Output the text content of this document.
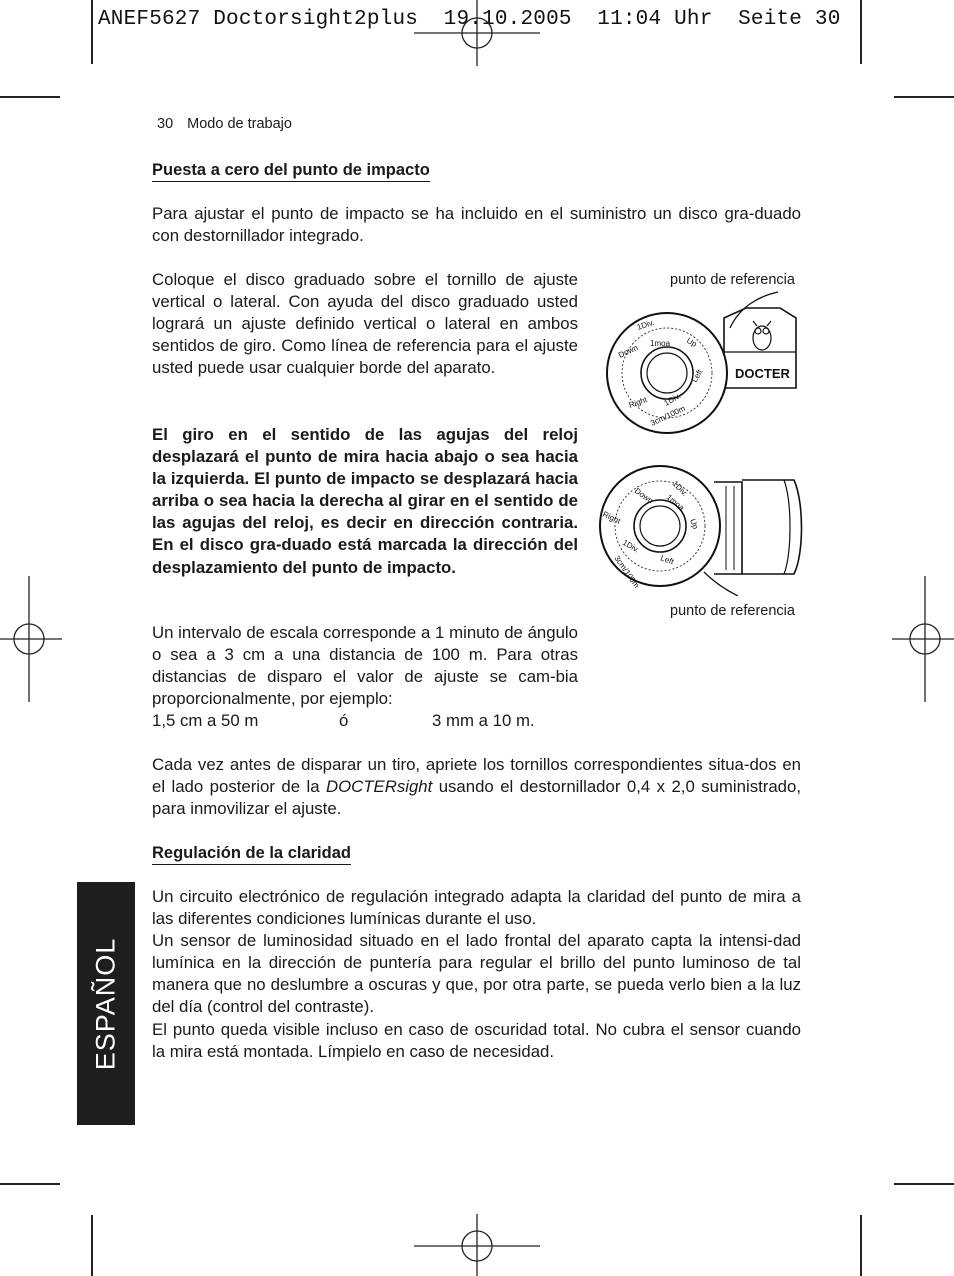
ANEF5627 Doctorsight2plus  19.10.2005  11:04 Uhr  Seite 30
30 Modo de trabajo
Puesta a cero del punto de impacto

Para ajustar el punto de impacto se ha incluido en el suministro un disco gra-duado con destornillador integrado.

Coloque el disco graduado sobre el tornillo de ajuste vertical o lateral. Con ayuda del disco graduado usted logrará un ajuste definido vertical o lateral en ambos sentidos de giro. Como línea de referencia para el ajuste usted puede usar cualquier borde del aparato.

El giro en el sentido de las agujas del reloj desplazará el punto de mira hacia abajo o sea hacia la izquierda. El punto de impacto se desplazará hacia arriba o sea hacia la derecha al girar en el sentido de las agujas del reloj, es decir en dirección contraria. En el disco gra-duado está marcada la dirección del desplazamiento del punto de impacto.

Un intervalo de escala corresponde a 1 minuto de ángulo o sea a 3 cm a una distancia de 100 m. Para otras distancias de disparo el valor de ajuste se cam-bia proporcionalmente, por ejemplo:

1,5 cm a 50 m	ó	3 mm a 10 m.

Cada vez antes de disparar un tiro, apriete los tornillos correspondientes situa-dos en el lado posterior de la DOCTERsight usando el destornillador 0,4 x 2,0 suministrado, para inmovilizar el ajuste.

Regulación de la claridad

Un circuito electrónico de regulación integrado adapta la claridad del punto de mira a las diferentes condiciones lumínicas durante el uso.

Un sensor de luminosidad situado en el lado frontal del aparato capta la intensi-dad lumínica en la dirección de puntería para regular el brillo del punto luminoso de tal manera que no deslumbre a oscuras y que, por otra parte, se pueda verlo bien a la luz del día (control del contraste).

El punto queda visible incluso en caso de oscuridad total. No cubra el sensor cuando la mira está montada. Límpielo en caso de necesidad.

punto de referencia
punto de referencia
DOCTER
1Div.
1moa Up
Down
Left
Right 1Div.
3cm/100m
Down 1Div.
1moa
Up
Right
1Div.
Left
3cm/100m
ESPAÑOL
